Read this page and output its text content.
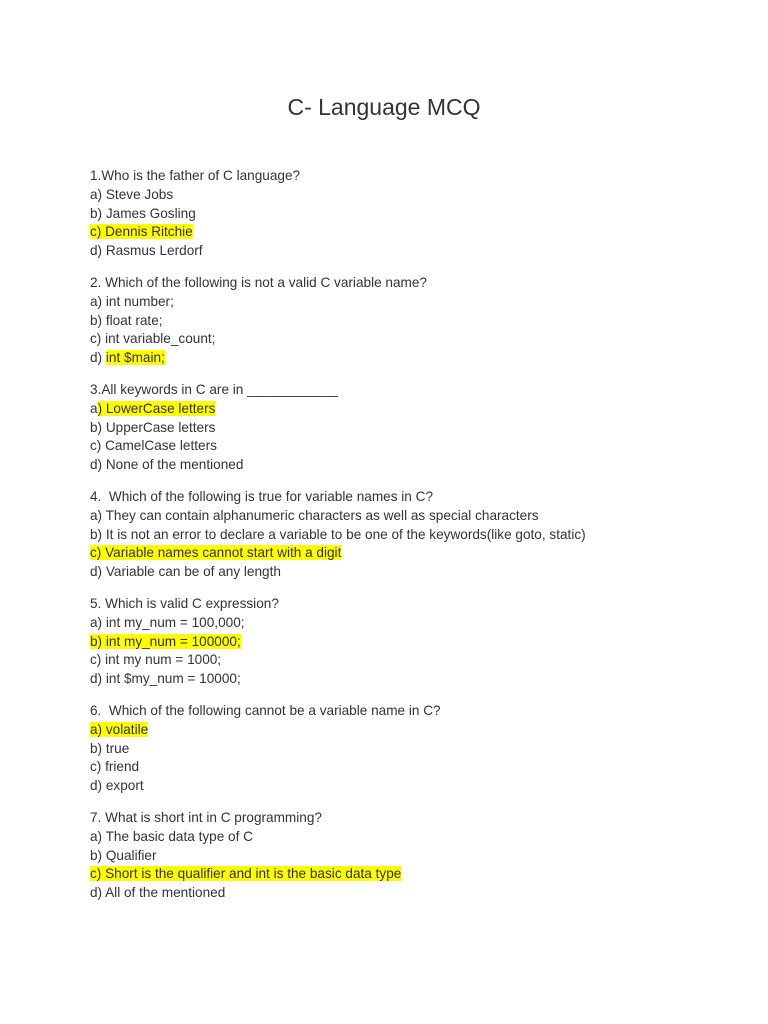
C- Language MCQ
1.Who is the father of C language?
a) Steve Jobs
b) James Gosling
c) Dennis Ritchie
d) Rasmus Lerdorf
2. Which of the following is not a valid C variable name?
a) int number;
b) float rate;
c) int variable_count;
d) int $main;
3.All keywords in C are in ____________
a) LowerCase letters
b) UpperCase letters
c) CamelCase letters
d) None of the mentioned
4.  Which of the following is true for variable names in C?
a) They can contain alphanumeric characters as well as special characters
b) It is not an error to declare a variable to be one of the keywords(like goto, static)
c) Variable names cannot start with a digit
d) Variable can be of any length
5. Which is valid C expression?
a) int my_num = 100,000;
b) int my_num = 100000;
c) int my num = 1000;
d) int $my_num = 10000;
6.  Which of the following cannot be a variable name in C?
a) volatile
b) true
c) friend
d) export
7. What is short int in C programming?
a) The basic data type of C
b) Qualifier
c) Short is the qualifier and int is the basic data type
d) All of the mentioned
